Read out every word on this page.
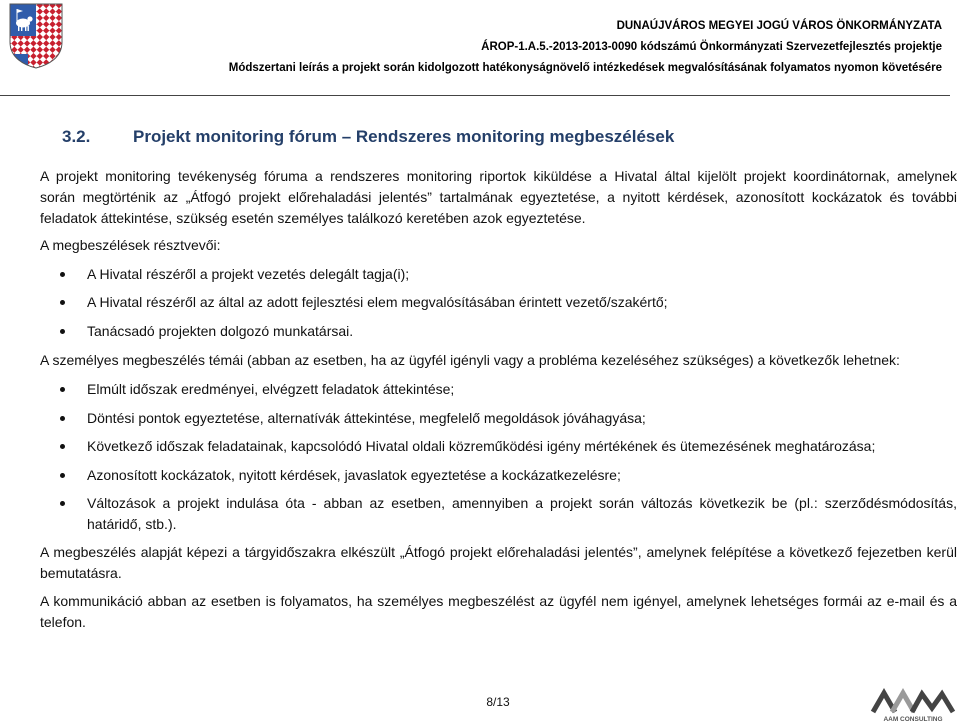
DUNAÚJVÁROS MEGYEI JOGÚ VÁROS ÖNKORMÁNYZATA
ÁROP-1.A.5.-2013-2013-0090 kódszámú Önkormányzati Szervezetfejlesztés projektje
Módszertani leírás a projekt során kidolgozott hatékonyságnövelő intézkedések megvalósításának folyamatos nyomon követésére
3.2.	Projekt monitoring fórum – Rendszeres monitoring megbeszélések
A projekt monitoring tevékenység fóruma a rendszeres monitoring riportok kiküldése a Hivatal által kijelölt projekt koordinátornak, amelynek
során megtörténik az „Átfogó projekt előrehaladási jelentés” tartalmának egyeztetése, a nyitott kérdések, azonosított kockázatok és további
feladatok áttekintése, szükség esetén személyes találkozó keretében azok egyeztetése.
A megbeszélések résztvevői:
A Hivatal részéről a projekt vezetés delegált tagja(i);
A Hivatal részéről az által az adott fejlesztési elem megvalósításában érintett vezető/szakértő;
Tanácsadó projekten dolgozó munkatársai.
A személyes megbeszélés témái (abban az esetben, ha az ügyfél igényli vagy a probléma kezeléséhez szükséges) a következők lehetnek:
Elmúlt időszak eredményei, elvégzett feladatok áttekintése;
Döntési pontok egyeztetése, alternatívák áttekintése, megfelelő megoldások jóváhagyása;
Következő időszak feladatainak, kapcsolódó Hivatal oldali közreműködési igény mértékének és ütemezésének meghatározása;
Azonosított kockázatok, nyitott kérdések, javaslatok egyeztetése a kockázatkezelésre;
Változások a projekt indulása óta - abban az esetben, amennyiben a projekt során változás következik be (pl.: szerződésmódosítás,
határidő, stb.).
A megbeszélés alapját képezi a tárgyidőszakra elkészült „Átfogó projekt előrehaladási jelentés”, amelynek felépítése a következő fejezetben kerül
bemutatásra.
A kommunikáció abban az esetben is folyamatos, ha személyes megbeszélést az ügyfél nem igényel, amelynek lehetséges formái az e-mail és a
telefon.
8/13
AAM CONSULTING
